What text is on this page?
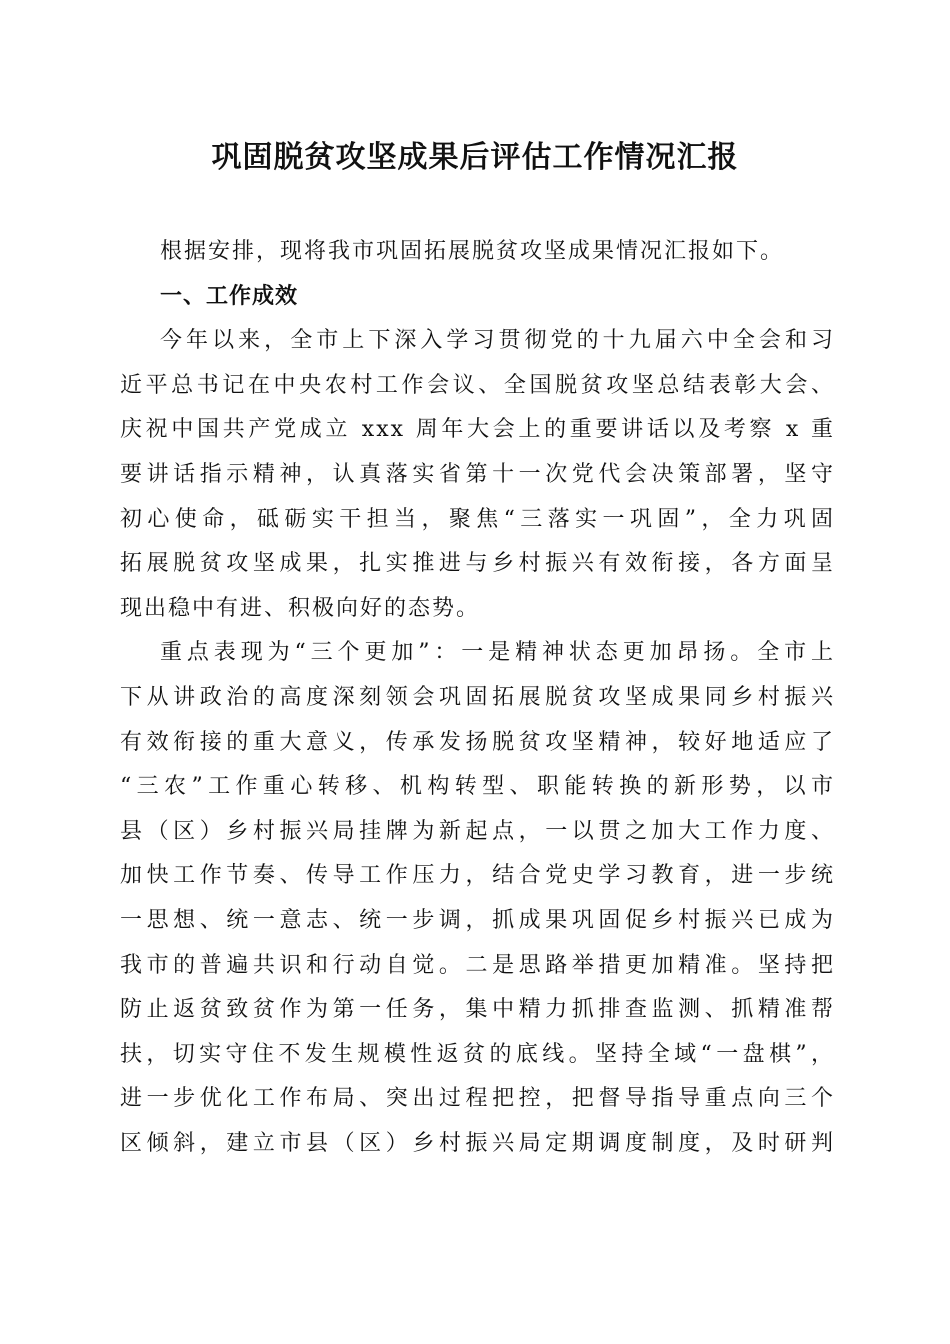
巩固脱贫攻坚成果后评估工作情况汇报
根据安排，现将我市巩固拓展脱贫攻坚成果情况汇报如下。
一、工作成效
今年以来，全市上下深入学习贯彻党的十九届六中全会和习
近平总书记在中央农村工作会议、全国脱贫攻坚总结表彰大会、
庆祝中国共产党成立 xxx 周年大会上的重要讲话以及考察 x 重
要讲话指示精神，认真落实省第十一次党代会决策部署，坚守
初心使命，砥砺实干担当，聚焦“三落实一巩固”，全力巩固
拓展脱贫攻坚成果，扎实推进与乡村振兴有效衔接，各方面呈
现出稳中有进、积极向好的态势。
重点表现为“三个更加”：一是精神状态更加昂扬。全市上
下从讲政治的高度深刻领会巩固拓展脱贫攻坚成果同乡村振兴
有效衔接的重大意义，传承发扬脱贫攻坚精神，较好地适应了
“三农”工作重心转移、机构转型、职能转换的新形势，以市
县（区）乡村振兴局挂牌为新起点，一以贯之加大工作力度、
加快工作节奏、传导工作压力，结合党史学习教育，进一步统
一思想、统一意志、统一步调，抓成果巩固促乡村振兴已成为
我市的普遍共识和行动自觉。二是思路举措更加精准。坚持把
防止返贫致贫作为第一任务，集中精力抓排查监测、抓精准帮
扶，切实守住不发生规模性返贫的底线。坚持全域“一盘棋”，
进一步优化工作布局、突出过程把控，把督导指导重点向三个
区倾斜，建立市县（区）乡村振兴局定期调度制度，及时研判
